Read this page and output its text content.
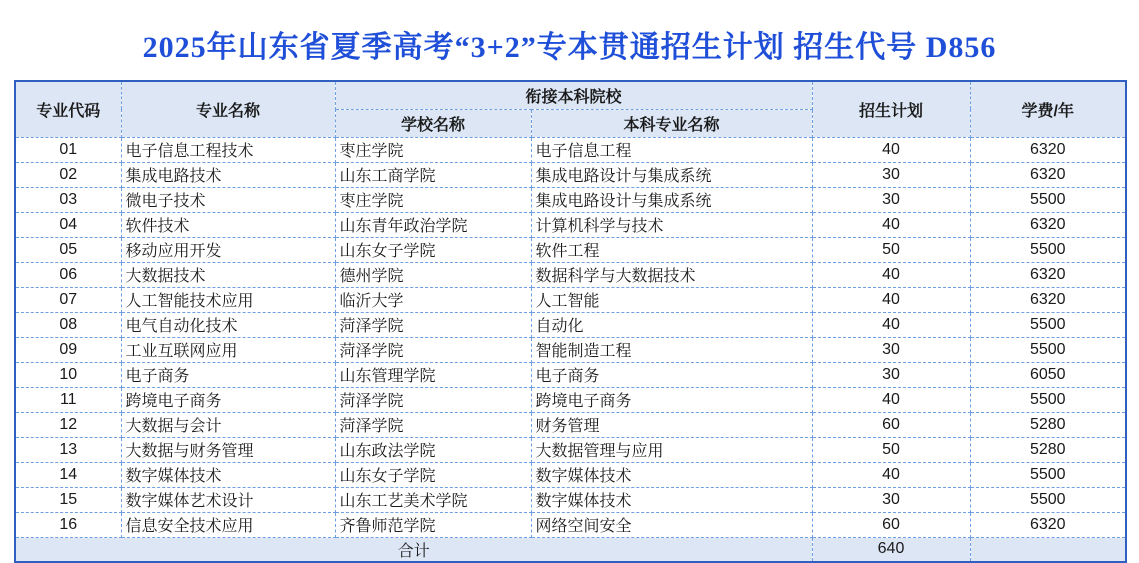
2025年山东省夏季高考“3+2”专本贯通招生计划 招生代号 D856
专业代码	专业名称	衔接本科院校		招生计划	学费/年
		学校名称	本科专业名称		
01	电子信息工程技术	枣庄学院	电子信息工程	40	6320
02	集成电路技术	山东工商学院	集成电路设计与集成系统	30	6320
03	微电子技术	枣庄学院	集成电路设计与集成系统	30	5500
04	软件技术	山东青年政治学院	计算机科学与技术	40	6320
05	移动应用开发	山东女子学院	软件工程	50	5500
06	大数据技术	德州学院	数据科学与大数据技术	40	6320
07	人工智能技术应用	临沂大学	人工智能	40	6320
08	电气自动化技术	菏泽学院	自动化	40	5500
09	工业互联网应用	菏泽学院	智能制造工程	30	5500
10	电子商务	山东管理学院	电子商务	30	6050
11	跨境电子商务	菏泽学院	跨境电子商务	40	5500
12	大数据与会计	菏泽学院	财务管理	60	5280
13	大数据与财务管理	山东政法学院	大数据管理与应用	50	5280
14	数字媒体技术	山东女子学院	数字媒体技术	40	5500
15	数字媒体艺术设计	山东工艺美术学院	数字媒体技术	30	5500
16	信息安全技术应用	齐鲁师范学院	网络空间安全	60	6320
合计				640	
